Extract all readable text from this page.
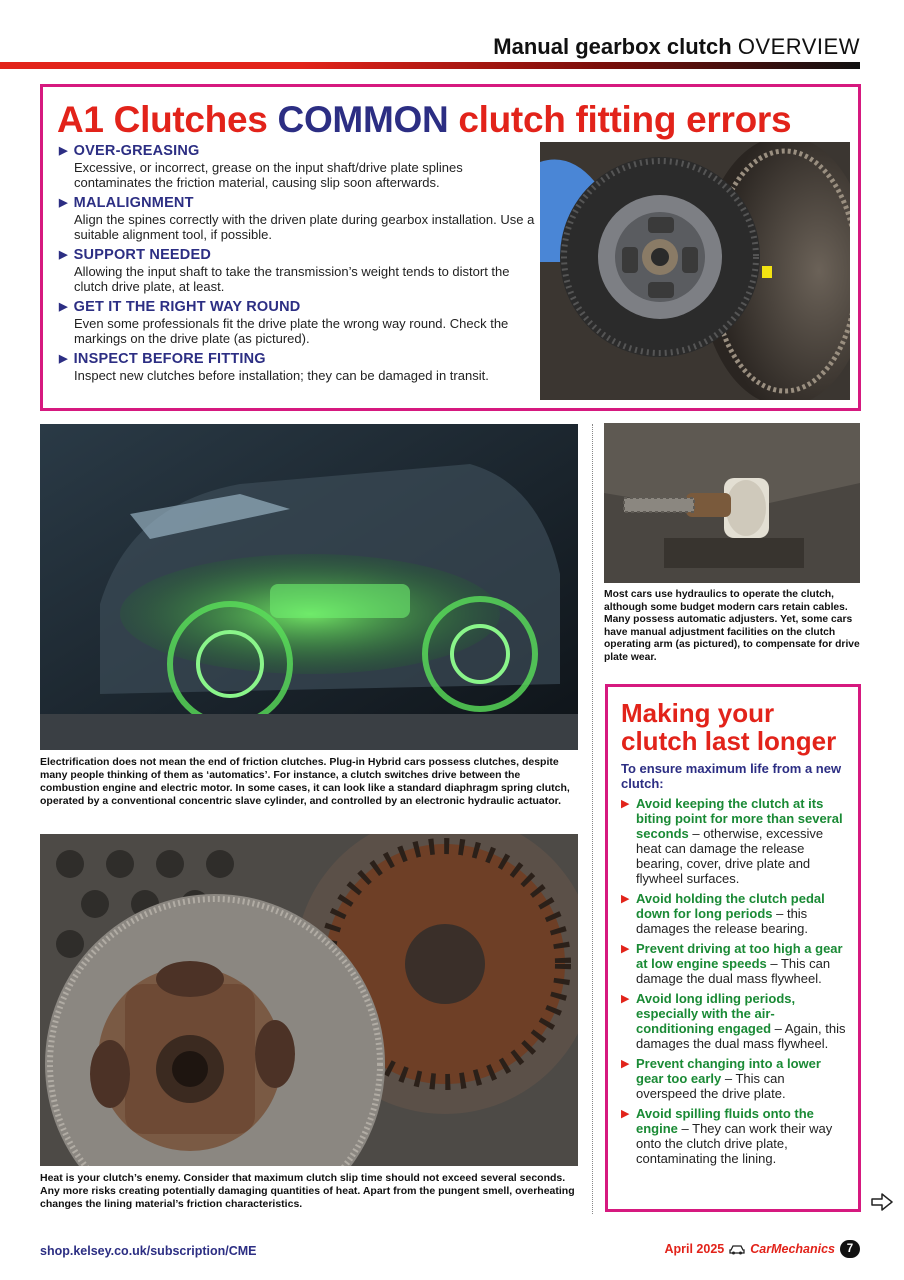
Manual gearbox clutch OVERVIEW
A1 Clutches COMMON clutch fitting errors
▶ OVER-GREASING
Excessive, or incorrect, grease on the input shaft/drive plate splines contaminates the friction material, causing slip soon afterwards.
▶ MALALIGNMENT
Align the spines correctly with the driven plate during gearbox installation. Use a suitable alignment tool, if possible.
▶ SUPPORT NEEDED
Allowing the input shaft to take the transmission’s weight tends to distort the clutch drive plate, at least.
▶ GET IT THE RIGHT WAY ROUND
Even some professionals fit the drive plate the wrong way round. Check the markings on the drive plate (as pictured).
▶ INSPECT BEFORE FITTING
Inspect new clutches before installation; they can be damaged in transit.
Electrification does not mean the end of friction clutches. Plug-in Hybrid cars possess clutches, despite many people thinking of them as ‘automatics’. For instance, a clutch switches drive between the combustion engine and electric motor. In some cases, it can look like a standard diaphragm spring clutch, operated by a conventional concentric slave cylinder, and controlled by an electronic hydraulic actuator.
Heat is your clutch’s enemy. Consider that maximum clutch slip time should not exceed several seconds. Any more risks creating potentially damaging quantities of heat. Apart from the pungent smell, overheating changes the lining material’s friction characteristics.
Most cars use hydraulics to operate the clutch, although some budget modern cars retain cables. Many possess automatic adjusters. Yet, some cars have manual adjustment facilities on the clutch operating arm (as pictured), to compensate for drive plate wear.
Making your clutch last longer
To ensure maximum life from a new clutch:
▶ Avoid keeping the clutch at its biting point for more than several seconds – otherwise, excessive heat can damage the release bearing, cover, drive plate and flywheel surfaces.
▶ Avoid holding the clutch pedal down for long periods – this damages the release bearing.
▶ Prevent driving at too high a gear at low engine speeds – This can damage the dual mass flywheel.
▶ Avoid long idling periods, especially with the air-conditioning engaged – Again, this damages the dual mass flywheel.
▶ Prevent changing into a lower gear too early – This can overspeed the drive plate.
▶ Avoid spilling fluids onto the engine – They can work their way onto the clutch drive plate, contaminating the lining.
shop.kelsey.co.uk/subscription/CME	April 2025 CarMechanics	7
